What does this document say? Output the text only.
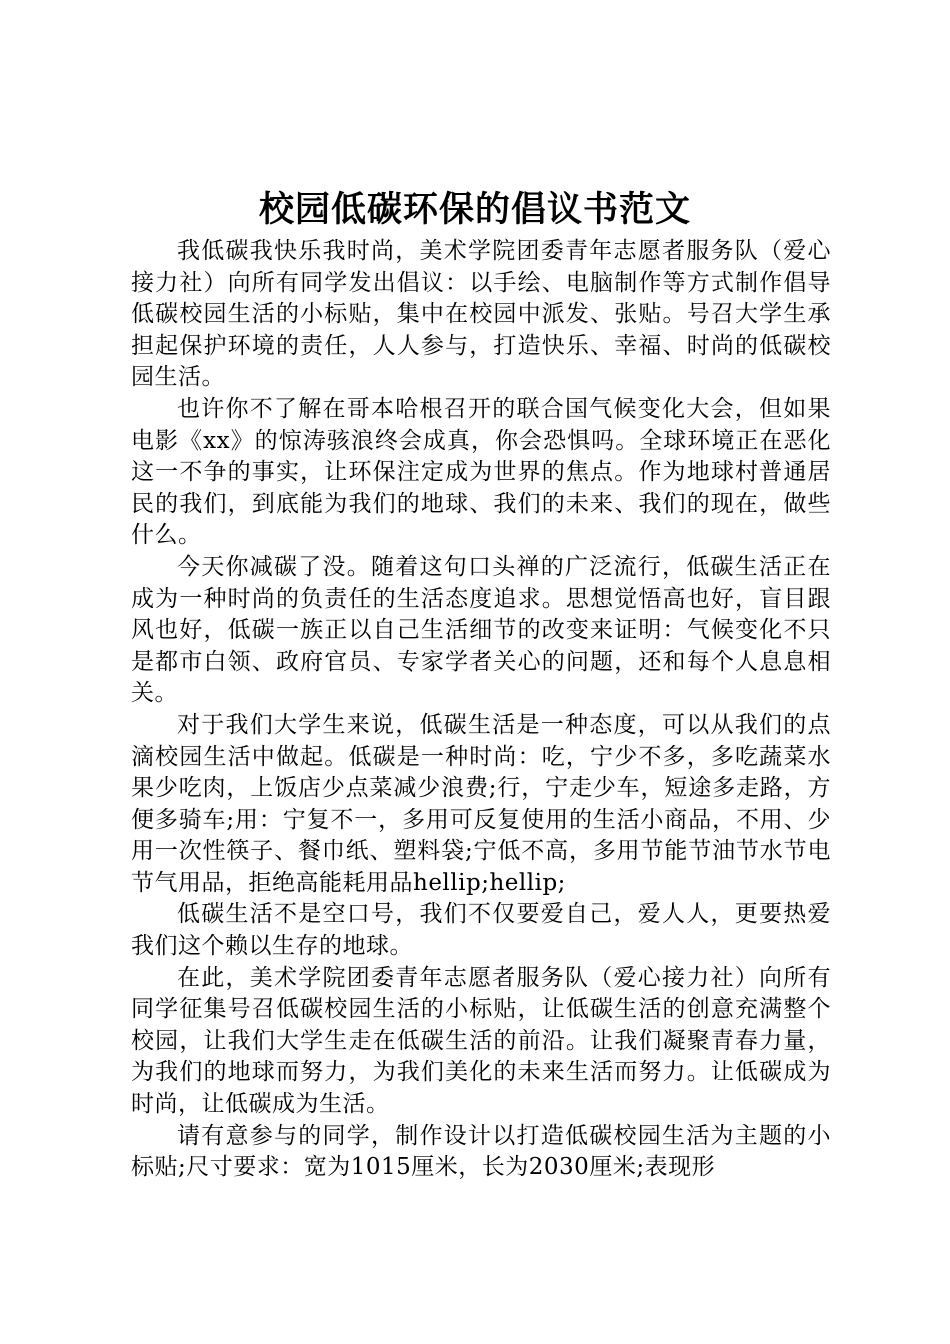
校园低碳环保的倡议书范文

我低碳我快乐我时尚，美术学院团委青年志愿者服务队（爱心接力社）向所有同学发出倡议：以手绘、电脑制作等方式制作倡导低碳校园生活的小标贴，集中在校园中派发、张贴。号召大学生承担起保护环境的责任，人人参与，打造快乐、幸福、时尚的低碳校园生活。

也许你不了解在哥本哈根召开的联合国气候变化大会，但如果电影《xx》的惊涛骇浪终会成真，你会恐惧吗。全球环境正在恶化这一不争的事实，让环保注定成为世界的焦点。作为地球村普通居民的我们，到底能为我们的地球、我们的未来、我们的现在，做些什么。

今天你减碳了没。随着这句口头禅的广泛流行，低碳生活正在成为一种时尚的负责任的生活态度追求。思想觉悟高也好，盲目跟风也好，低碳一族正以自己生活细节的改变来证明：气候变化不只是都市白领、政府官员、专家学者关心的问题，还和每个人息息相关。

对于我们大学生来说，低碳生活是一种态度，可以从我们的点滴校园生活中做起。低碳是一种时尚：吃，宁少不多，多吃蔬菜水果少吃肉，上饭店少点菜减少浪费;行，宁走少车，短途多走路，方便多骑车;用：宁复不一，多用可反复使用的生活小商品，不用、少用一次性筷子、餐巾纸、塑料袋;宁低不高，多用节能节油节水节电节气用品，拒绝高能耗用品hellip;hellip;

低碳生活不是空口号，我们不仅要爱自己，爱人人，更要热爱我们这个赖以生存的地球。

在此，美术学院团委青年志愿者服务队（爱心接力社）向所有同学征集号召低碳校园生活的小标贴，让低碳生活的创意充满整个校园，让我们大学生走在低碳生活的前沿。让我们凝聚青春力量，为我们的地球而努力，为我们美化的未来生活而努力。让低碳成为时尚，让低碳成为生活。

请有意参与的同学，制作设计以打造低碳校园生活为主题的小标贴;尺寸要求：宽为1015厘米，长为2030厘米;表现形
